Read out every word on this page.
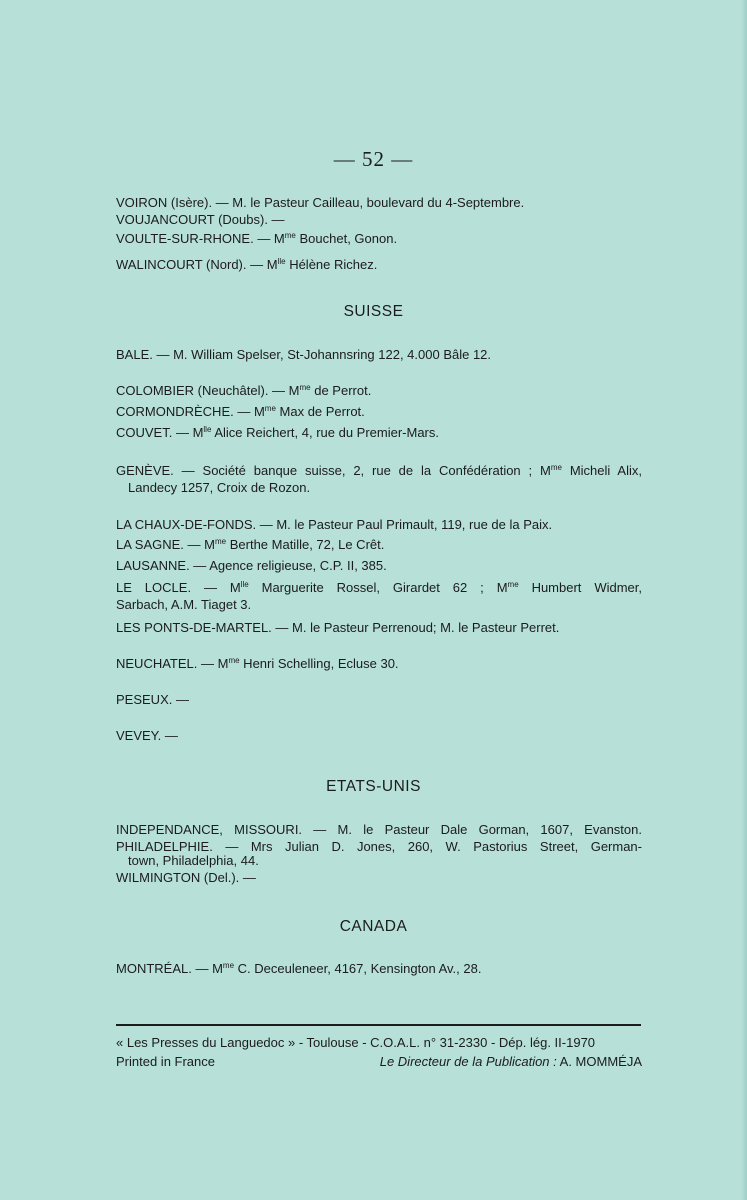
— 52 —
VOIRON (Isère). — M. le Pasteur Cailleau, boulevard du 4-Septembre.
VOUJANCOURT (Doubs). —
VOULTE-SUR-RHONE. — $M^{me}$ Bouchet, Gonon.
WALINCOURT (Nord). — $M^{lle}$ Hélène Richez.
SUISSE
BALE. — M. William Spelser, St-Johannsring 122, 4.000 Bâle 12.
COLOMBIER (Neuchâtel). — $M^{me}$ de Perrot.
CORMONDRÈCHE. — $M^{me}$ Max de Perrot.
COUVET. — $M^{lle}$ Alice Reichert, 4, rue du Premier-Mars.
GENÈVE. — Société banque suisse, 2, rue de la Confédération ; $M^{me}$ Micheli Alix,
Landecy 1257, Croix de Rozon.
LA CHAUX-DE-FONDS. — M. le Pasteur Paul Primault, 119, rue de la Paix.
LA SAGNE. — $M^{me}$ Berthe Matille, 72, Le Crêt.
LAUSANNE. — Agence religieuse, C.P. II, 385.
LE LOCLE. — $M^{lle}$ Marguerite Rossel, Girardet 62 ; $M^{me}$ Humbert Widmer,
Sarbach, A.M. Tiaget 3.
LES PONTS-DE-MARTEL. — M. le Pasteur Perrenoud; M. le Pasteur Perret.
NEUCHATEL. — $M^{me}$ Henri Schelling, Ecluse 30.
PESEUX. —
VEVEY. —
ETATS-UNIS
INDEPENDANCE, MISSOURI. — M. le Pasteur Dale Gorman, 1607, Evanston.
PHILADELPHIE. — Mrs Julian D. Jones, 260, W. Pastorius Street, German-
town, Philadelphia, 44.
WILMINGTON (Del.). —
CANADA
MONTRÉAL. — $M^{me}$ C. Deceuleneer, 4167, Kensington Av., 28.
« Les Presses du Languedoc » - Toulouse - C.O.A.L. n° 31-2330 - Dép. lég. II-1970
Printed in France	Le Directeur de la Publication : A. MOMMÉJA
